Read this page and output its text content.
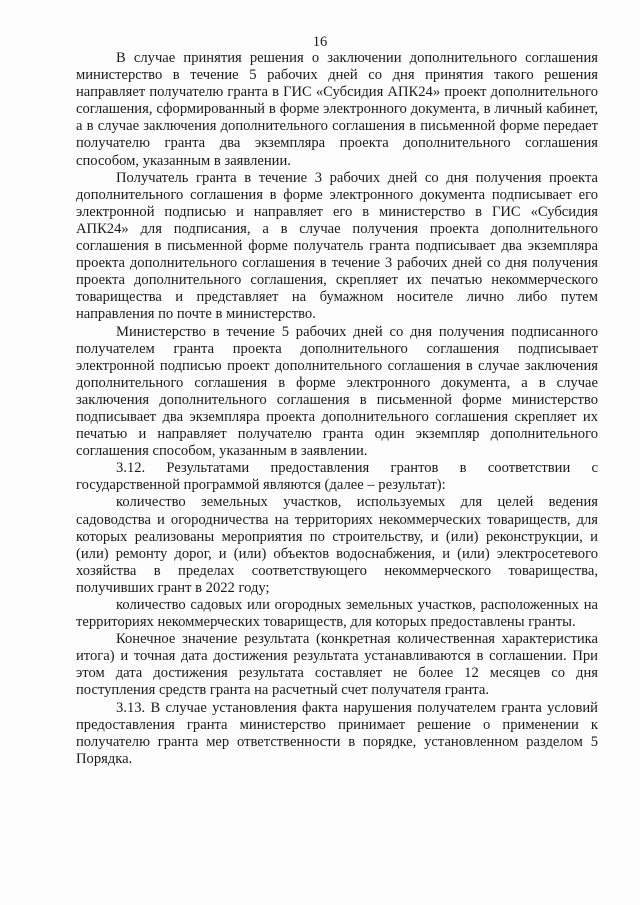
16

В случае принятия решения о заключении дополнительного соглашения министерство в течение 5 рабочих дней со дня принятия такого решения направляет получателю гранта в ГИС «Субсидия АПК24» проект дополнительного соглашения, сформированный в форме электронного документа, в личный кабинет, а в случае заключения дополнительного соглашения в письменной форме передает получателю гранта два экземпляра проекта дополнительного соглашения способом, указанным в заявлении.

Получатель гранта в течение 3 рабочих дней со дня получения проекта дополнительного соглашения в форме электронного документа подписывает его электронной подписью и направляет его в министерство в ГИС «Субсидия АПК24» для подписания, а в случае получения проекта дополнительного соглашения в письменной форме получатель гранта подписывает два экземпляра проекта дополнительного соглашения в течение 3 рабочих дней со дня получения проекта дополнительного соглашения, скрепляет их печатью некоммерческого товарищества и представляет на бумажном носителе лично либо путем направления по почте в министерство.

Министерство в течение 5 рабочих дней со дня получения подписанного получателем гранта проекта дополнительного соглашения подписывает электронной подписью проект дополнительного соглашения в случае заключения дополнительного соглашения в форме электронного документа, а в случае заключения дополнительного соглашения в письменной форме министерство подписывает два экземпляра проекта дополнительного соглашения скрепляет их печатью и направляет получателю гранта один экземпляр дополнительного соглашения способом, указанным в заявлении.

3.12. Результатами предоставления грантов в соответствии с государственной программой являются (далее – результат):

количество земельных участков, используемых для целей ведения садоводства и огородничества на территориях некоммерческих товариществ, для которых реализованы мероприятия по строительству, и (или) реконструкции, и (или) ремонту дорог, и (или) объектов водоснабжения, и (или) электросетевого хозяйства в пределах соответствующего некоммерческого товарищества, получивших грант в 2022 году;

количество садовых или огородных земельных участков, расположенных на территориях некоммерческих товариществ, для которых предоставлены гранты.

Конечное значение результата (конкретная количественная характеристика итога) и точная дата достижения результата устанавливаются в соглашении. При этом дата достижения результата составляет не более 12 месяцев со дня поступления средств гранта на расчетный счет получателя гранта.

3.13. В случае установления факта нарушения получателем гранта условий предоставления гранта министерство принимает решение о применении к получателю гранта мер ответственности в порядке, установленном разделом 5 Порядка.
